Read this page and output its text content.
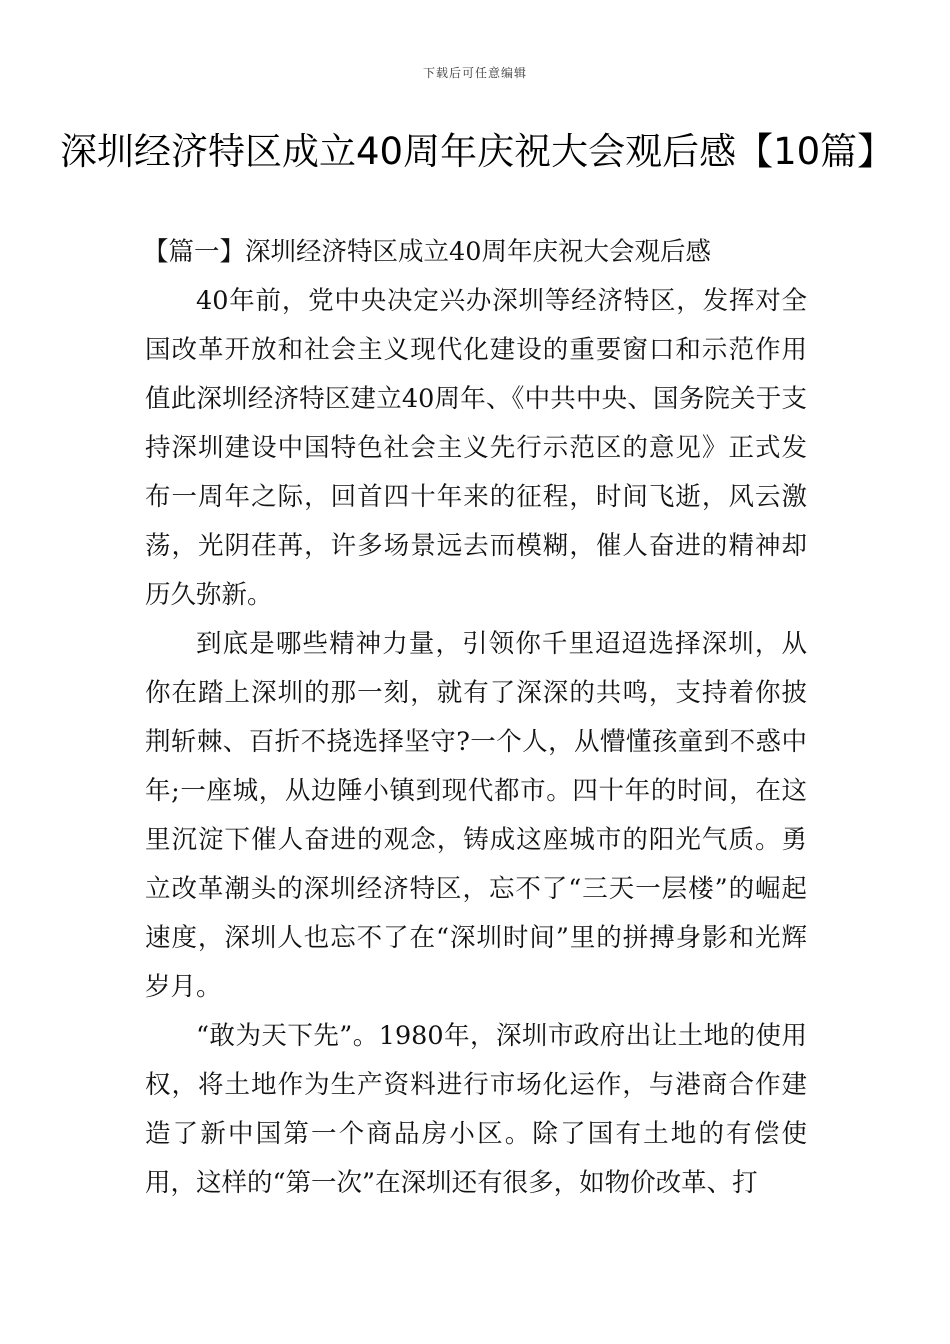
下载后可任意编辑
深圳经济特区成立40周年庆祝大会观后感【10篇】

【篇一】深圳经济特区成立40周年庆祝大会观后感

40年前，党中央决定兴办深圳等经济特区，发挥对全国改革开放和社会主义现代化建设的重要窗口和示范作用值此深圳经济特区建立40周年、《中共中央、国务院关于支持深圳建设中国特色社会主义先行示范区的意见》正式发布一周年之际，回首四十年来的征程，时间飞逝，风云激荡，光阴荏苒，许多场景远去而模糊，催人奋进的精神却历久弥新。

到底是哪些精神力量，引领你千里迢迢选择深圳，从你在踏上深圳的那一刻，就有了深深的共鸣，支持着你披荆斩棘、百折不挠选择坚守?一个人，从懵懂孩童到不惑中年;一座城，从边陲小镇到现代都市。四十年的时间，在这里沉淀下催人奋进的观念，铸成这座城市的阳光气质。勇立改革潮头的深圳经济特区，忘不了“三天一层楼”的崛起速度，深圳人也忘不了在“深圳时间”里的拼搏身影和光辉岁月。

“敢为天下先”。1980年，深圳市政府出让土地的使用权，将土地作为生产资料进行市场化运作，与港商合作建造了新中国第一个商品房小区。除了国有土地的有偿使用，这样的“第一次”在深圳还有很多，如物价改革、打
